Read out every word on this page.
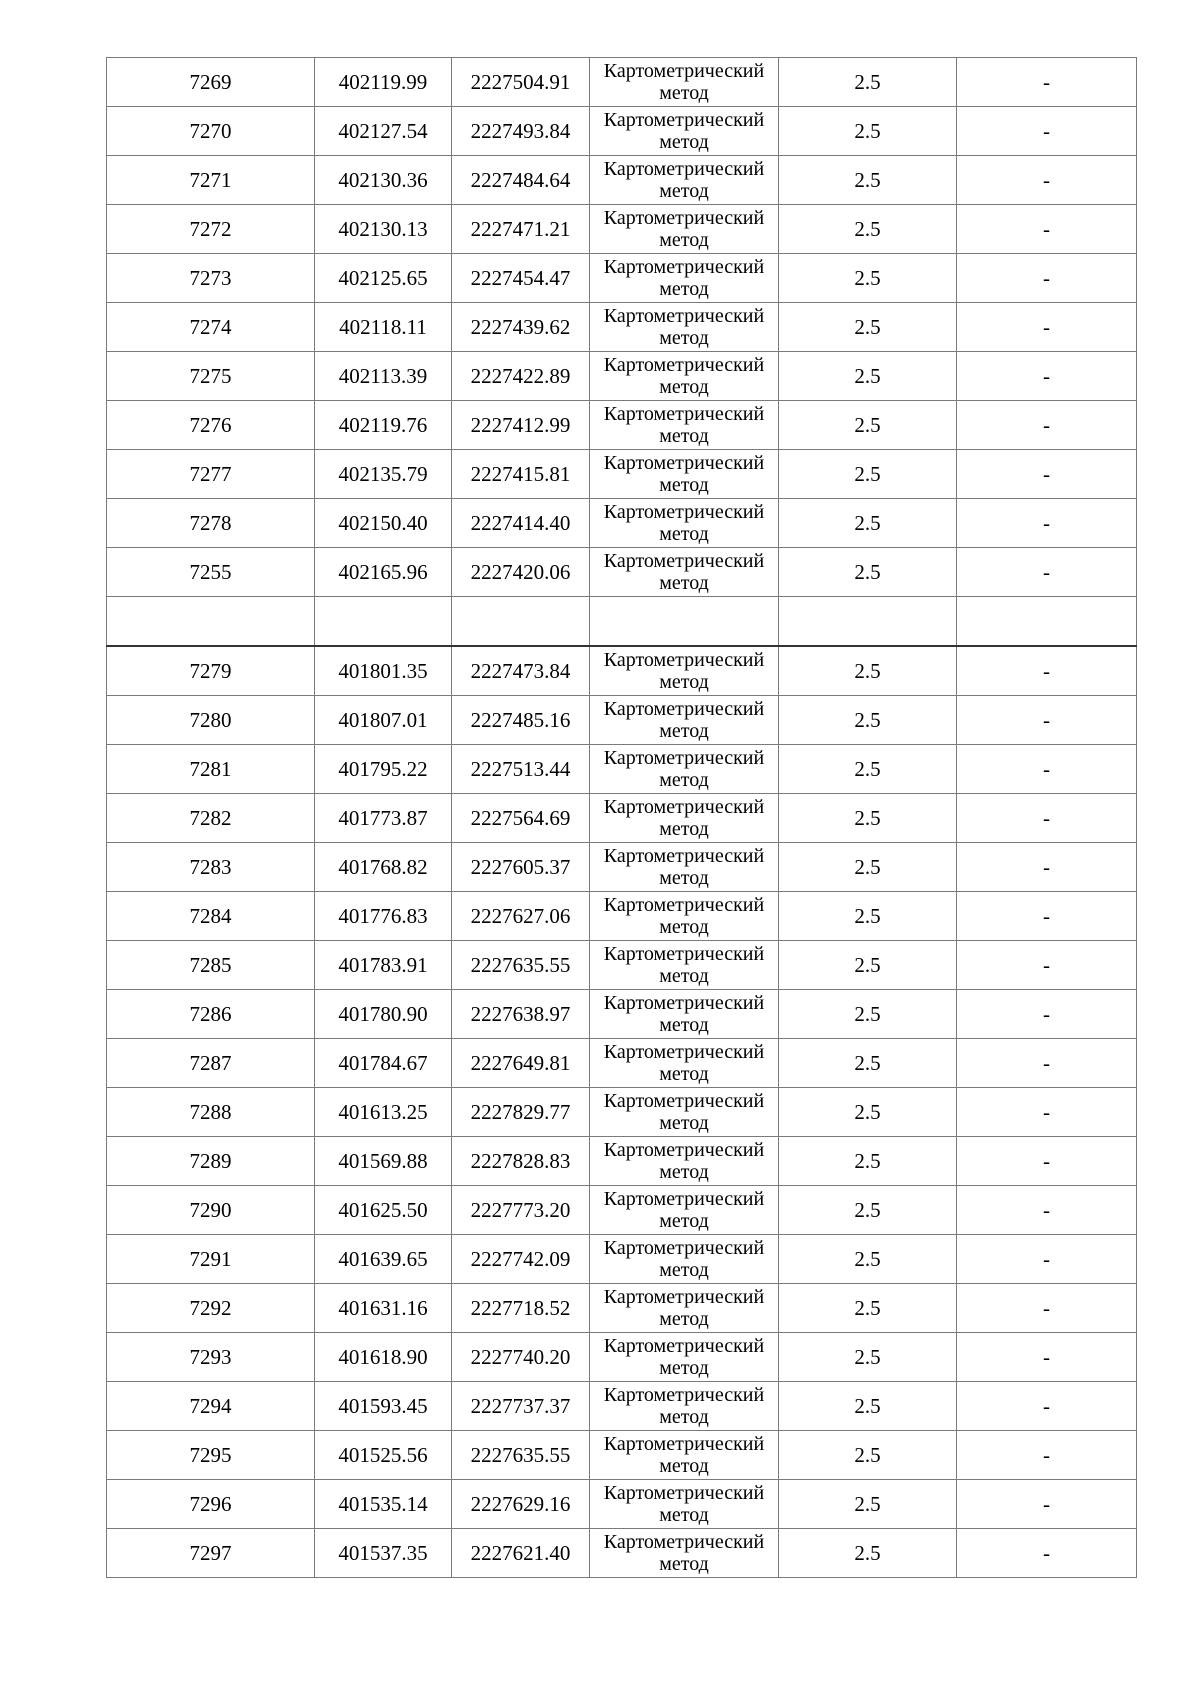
7269	402119.99	2227504.91	Картометрический
метод	2.5	-
7270	402127.54	2227493.84	Картометрический
метод	2.5	-
7271	402130.36	2227484.64	Картометрический
метод	2.5	-
7272	402130.13	2227471.21	Картометрический
метод	2.5	-
7273	402125.65	2227454.47	Картометрический
метод	2.5	-
7274	402118.11	2227439.62	Картометрический
метод	2.5	-
7275	402113.39	2227422.89	Картометрический
метод	2.5	-
7276	402119.76	2227412.99	Картометрический
метод	2.5	-
7277	402135.79	2227415.81	Картометрический
метод	2.5	-
7278	402150.40	2227414.40	Картометрический
метод	2.5	-
7255	402165.96	2227420.06	Картометрический
метод	2.5	-

7279	401801.35	2227473.84	Картометрический
метод	2.5	-
7280	401807.01	2227485.16	Картометрический
метод	2.5	-
7281	401795.22	2227513.44	Картометрический
метод	2.5	-
7282	401773.87	2227564.69	Картометрический
метод	2.5	-
7283	401768.82	2227605.37	Картометрический
метод	2.5	-
7284	401776.83	2227627.06	Картометрический
метод	2.5	-
7285	401783.91	2227635.55	Картометрический
метод	2.5	-
7286	401780.90	2227638.97	Картометрический
метод	2.5	-
7287	401784.67	2227649.81	Картометрический
метод	2.5	-
7288	401613.25	2227829.77	Картометрический
метод	2.5	-
7289	401569.88	2227828.83	Картометрический
метод	2.5	-
7290	401625.50	2227773.20	Картометрический
метод	2.5	-
7291	401639.65	2227742.09	Картометрический
метод	2.5	-
7292	401631.16	2227718.52	Картометрический
метод	2.5	-
7293	401618.90	2227740.20	Картометрический
метод	2.5	-
7294	401593.45	2227737.37	Картометрический
метод	2.5	-
7295	401525.56	2227635.55	Картометрический
метод	2.5	-
7296	401535.14	2227629.16	Картометрический
метод	2.5	-
7297	401537.35	2227621.40	Картометрический
метод	2.5	-
